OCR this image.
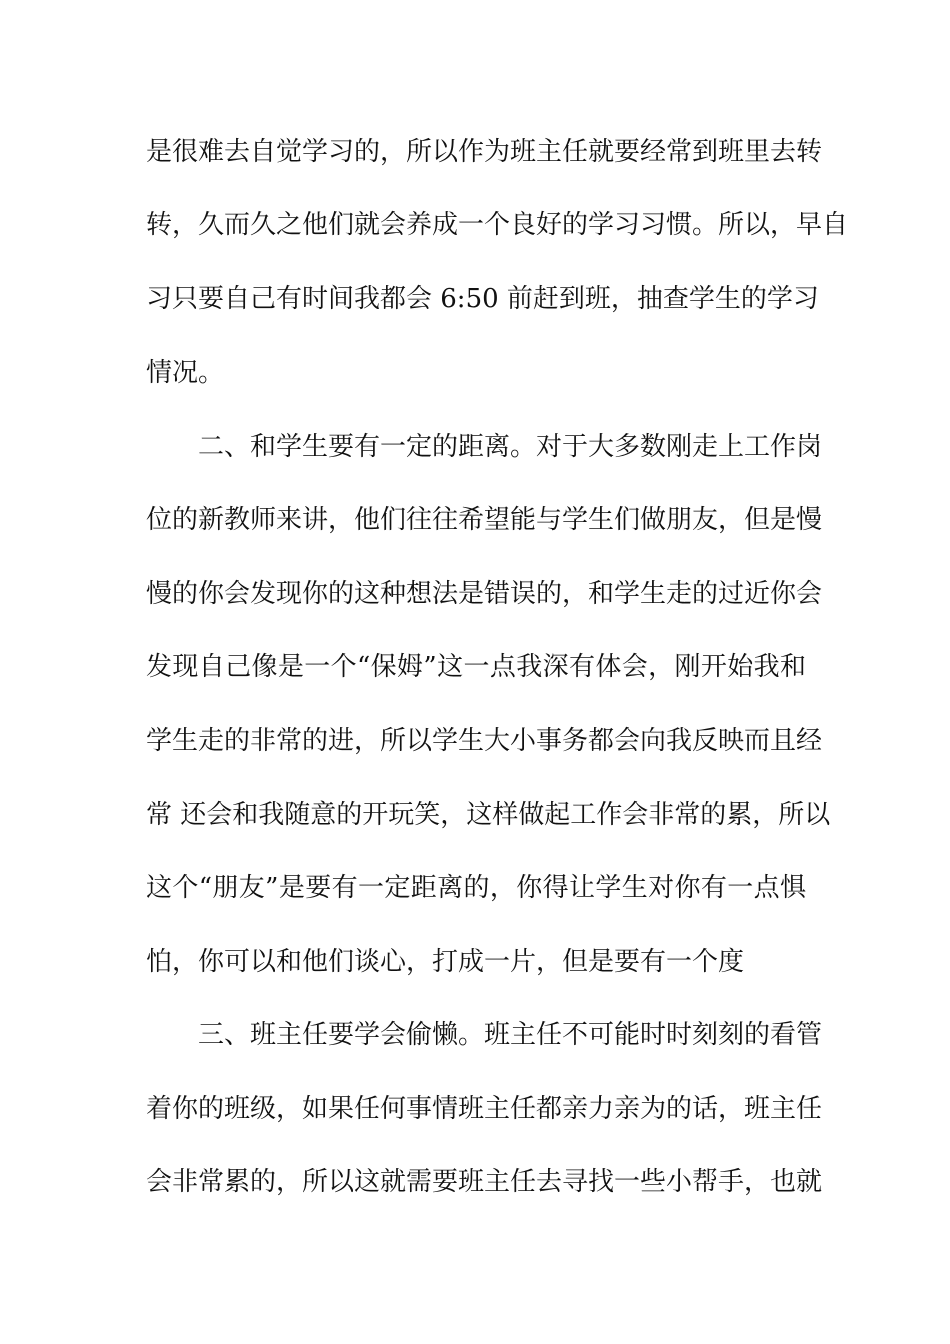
是很难去自觉学习的，所以作为班主任就要经常到班里去转
转，久而久之他们就会养成一个良好的学习习惯。所以，早自
习只要自己有时间我都会 6:50 前赶到班，抽查学生的学习
情况。
二、和学生要有一定的距离。对于大多数刚走上工作岗
位的新教师来讲，他们往往希望能与学生们做朋友，但是慢
慢的你会发现你的这种想法是错误的，和学生走的过近你会
发现自己像是一个“保姆”这一点我深有体会，刚开始我和
学生走的非常的进，所以学生大小事务都会向我反映而且经
常 还会和我随意的开玩笑，这样做起工作会非常的累，所以
这个“朋友”是要有一定距离的，你得让学生对你有一点惧
怕，你可以和他们谈心，打成一片，但是要有一个度
三、班主任要学会偷懒。班主任不可能时时刻刻的看管
着你的班级，如果任何事情班主任都亲力亲为的话，班主任
会非常累的，所以这就需要班主任去寻找一些小帮手，也就
